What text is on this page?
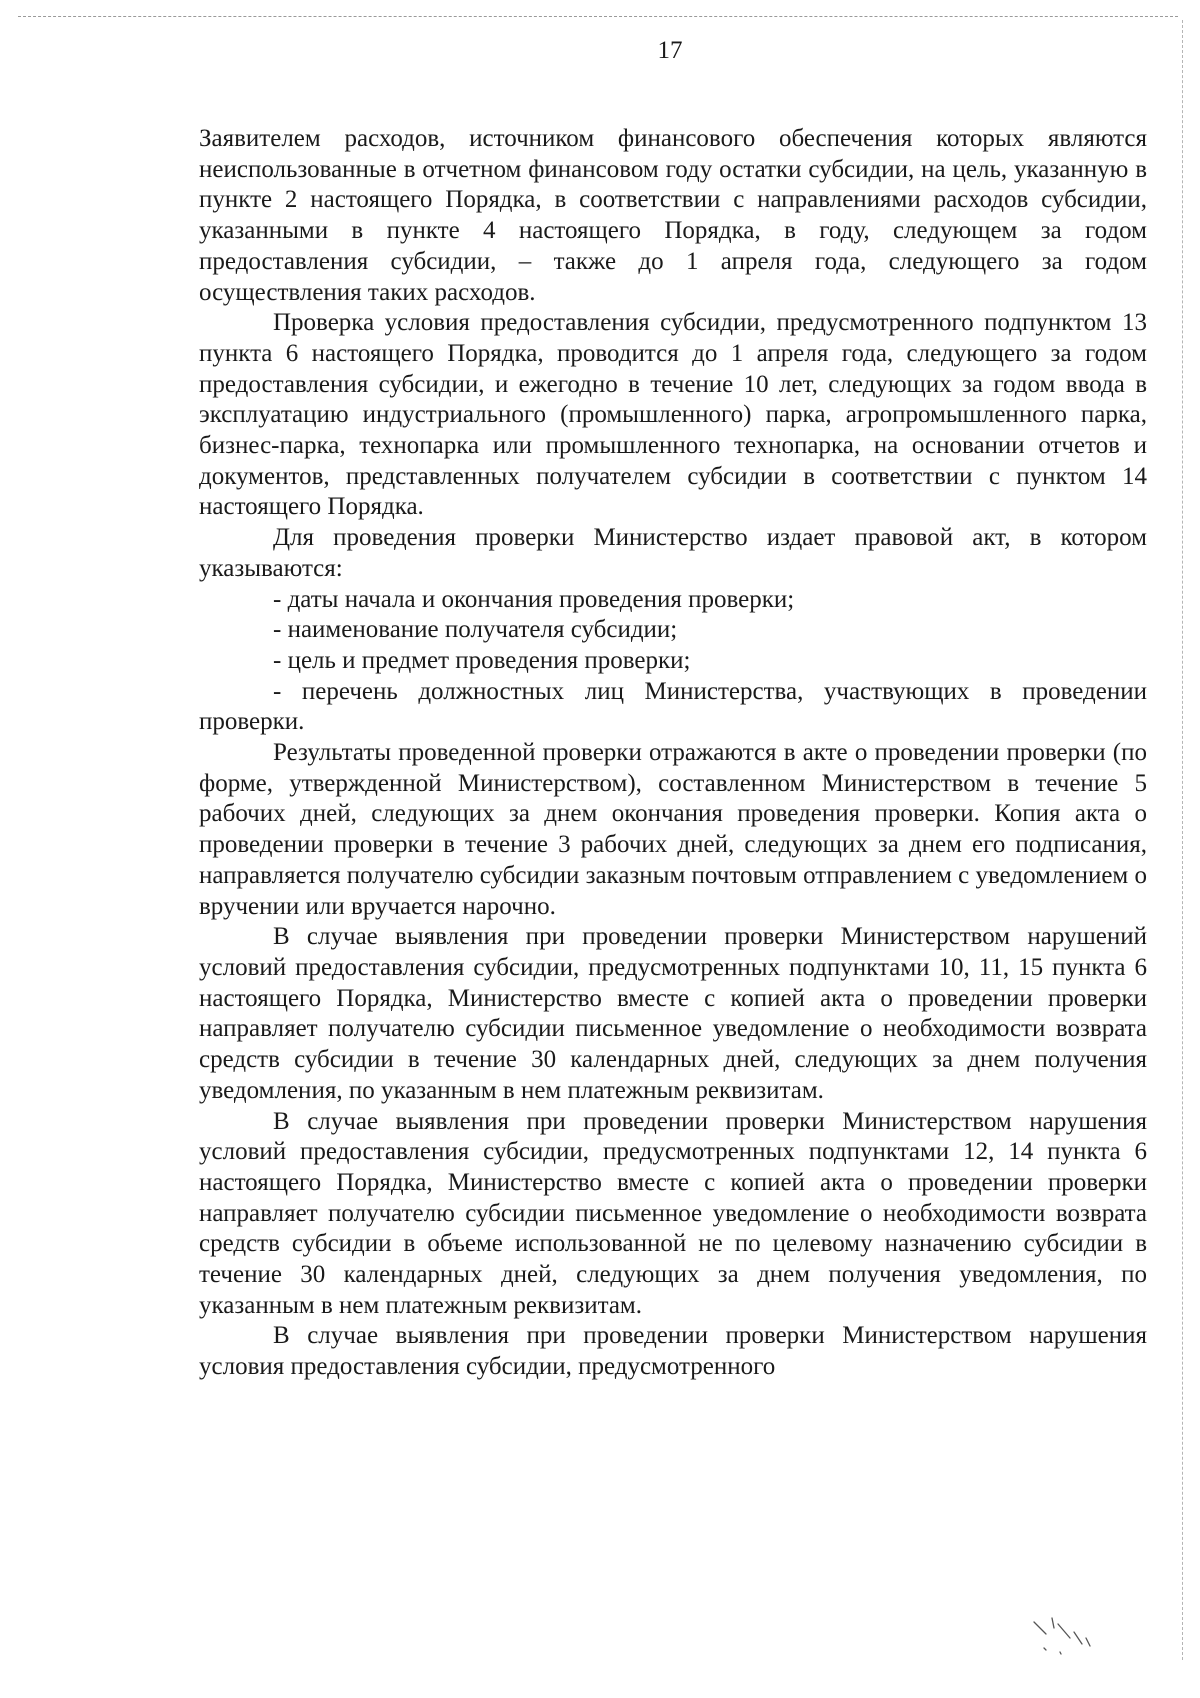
17

Заявителем расходов, источником финансового обеспечения которых являются неиспользованные в отчетном финансовом году остатки субсидии, на цель, указанную в пункте 2 настоящего Порядка, в соответствии с направлениями расходов субсидии, указанными в пункте 4 настоящего Порядка, в году, следующем за годом предоставления субсидии, – также до 1 апреля года, следующего за годом осуществления таких расходов.

Проверка условия предоставления субсидии, предусмотренного подпунктом 13 пункта 6 настоящего Порядка, проводится до 1 апреля года, следующего за годом предоставления субсидии, и ежегодно в течение 10 лет, следующих за годом ввода в эксплуатацию индустриального (промышленного) парка, агропромышленного парка, бизнес-парка, технопарка или промышленного технопарка, на основании отчетов и документов, представленных получателем субсидии в соответствии с пунктом 14 настоящего Порядка.

Для проведения проверки Министерство издает правовой акт, в котором указываются:

- даты начала и окончания проведения проверки;

- наименование получателя субсидии;

- цель и предмет проведения проверки;

- перечень должностных лиц Министерства, участвующих в проведении проверки.

Результаты проведенной проверки отражаются в акте о проведении проверки (по форме, утвержденной Министерством), составленном Министерством в течение 5 рабочих дней, следующих за днем окончания проведения проверки. Копия акта о проведении проверки в течение 3 рабочих дней, следующих за днем его подписания, направляется получателю субсидии заказным почтовым отправлением с уведомлением о вручении или вручается нарочно.

В случае выявления при проведении проверки Министерством нарушений условий предоставления субсидии, предусмотренных подпунктами 10, 11, 15 пункта 6 настоящего Порядка, Министерство вместе с копией акта о проведении проверки направляет получателю субсидии письменное уведомление о необходимости возврата средств субсидии в течение 30 календарных дней, следующих за днем получения уведомления, по указанным в нем платежным реквизитам.

В случае выявления при проведении проверки Министерством нарушения условий предоставления субсидии, предусмотренных подпунктами 12, 14 пункта 6 настоящего Порядка, Министерство вместе с копией акта о проведении проверки направляет получателю субсидии письменное уведомление о необходимости возврата средств субсидии в объеме использованной не по целевому назначению субсидии в течение 30 календарных дней, следующих за днем получения уведомления, по указанным в нем платежным реквизитам.

В случае выявления при проведении проверки Министерством нарушения условия предоставления субсидии, предусмотренного
